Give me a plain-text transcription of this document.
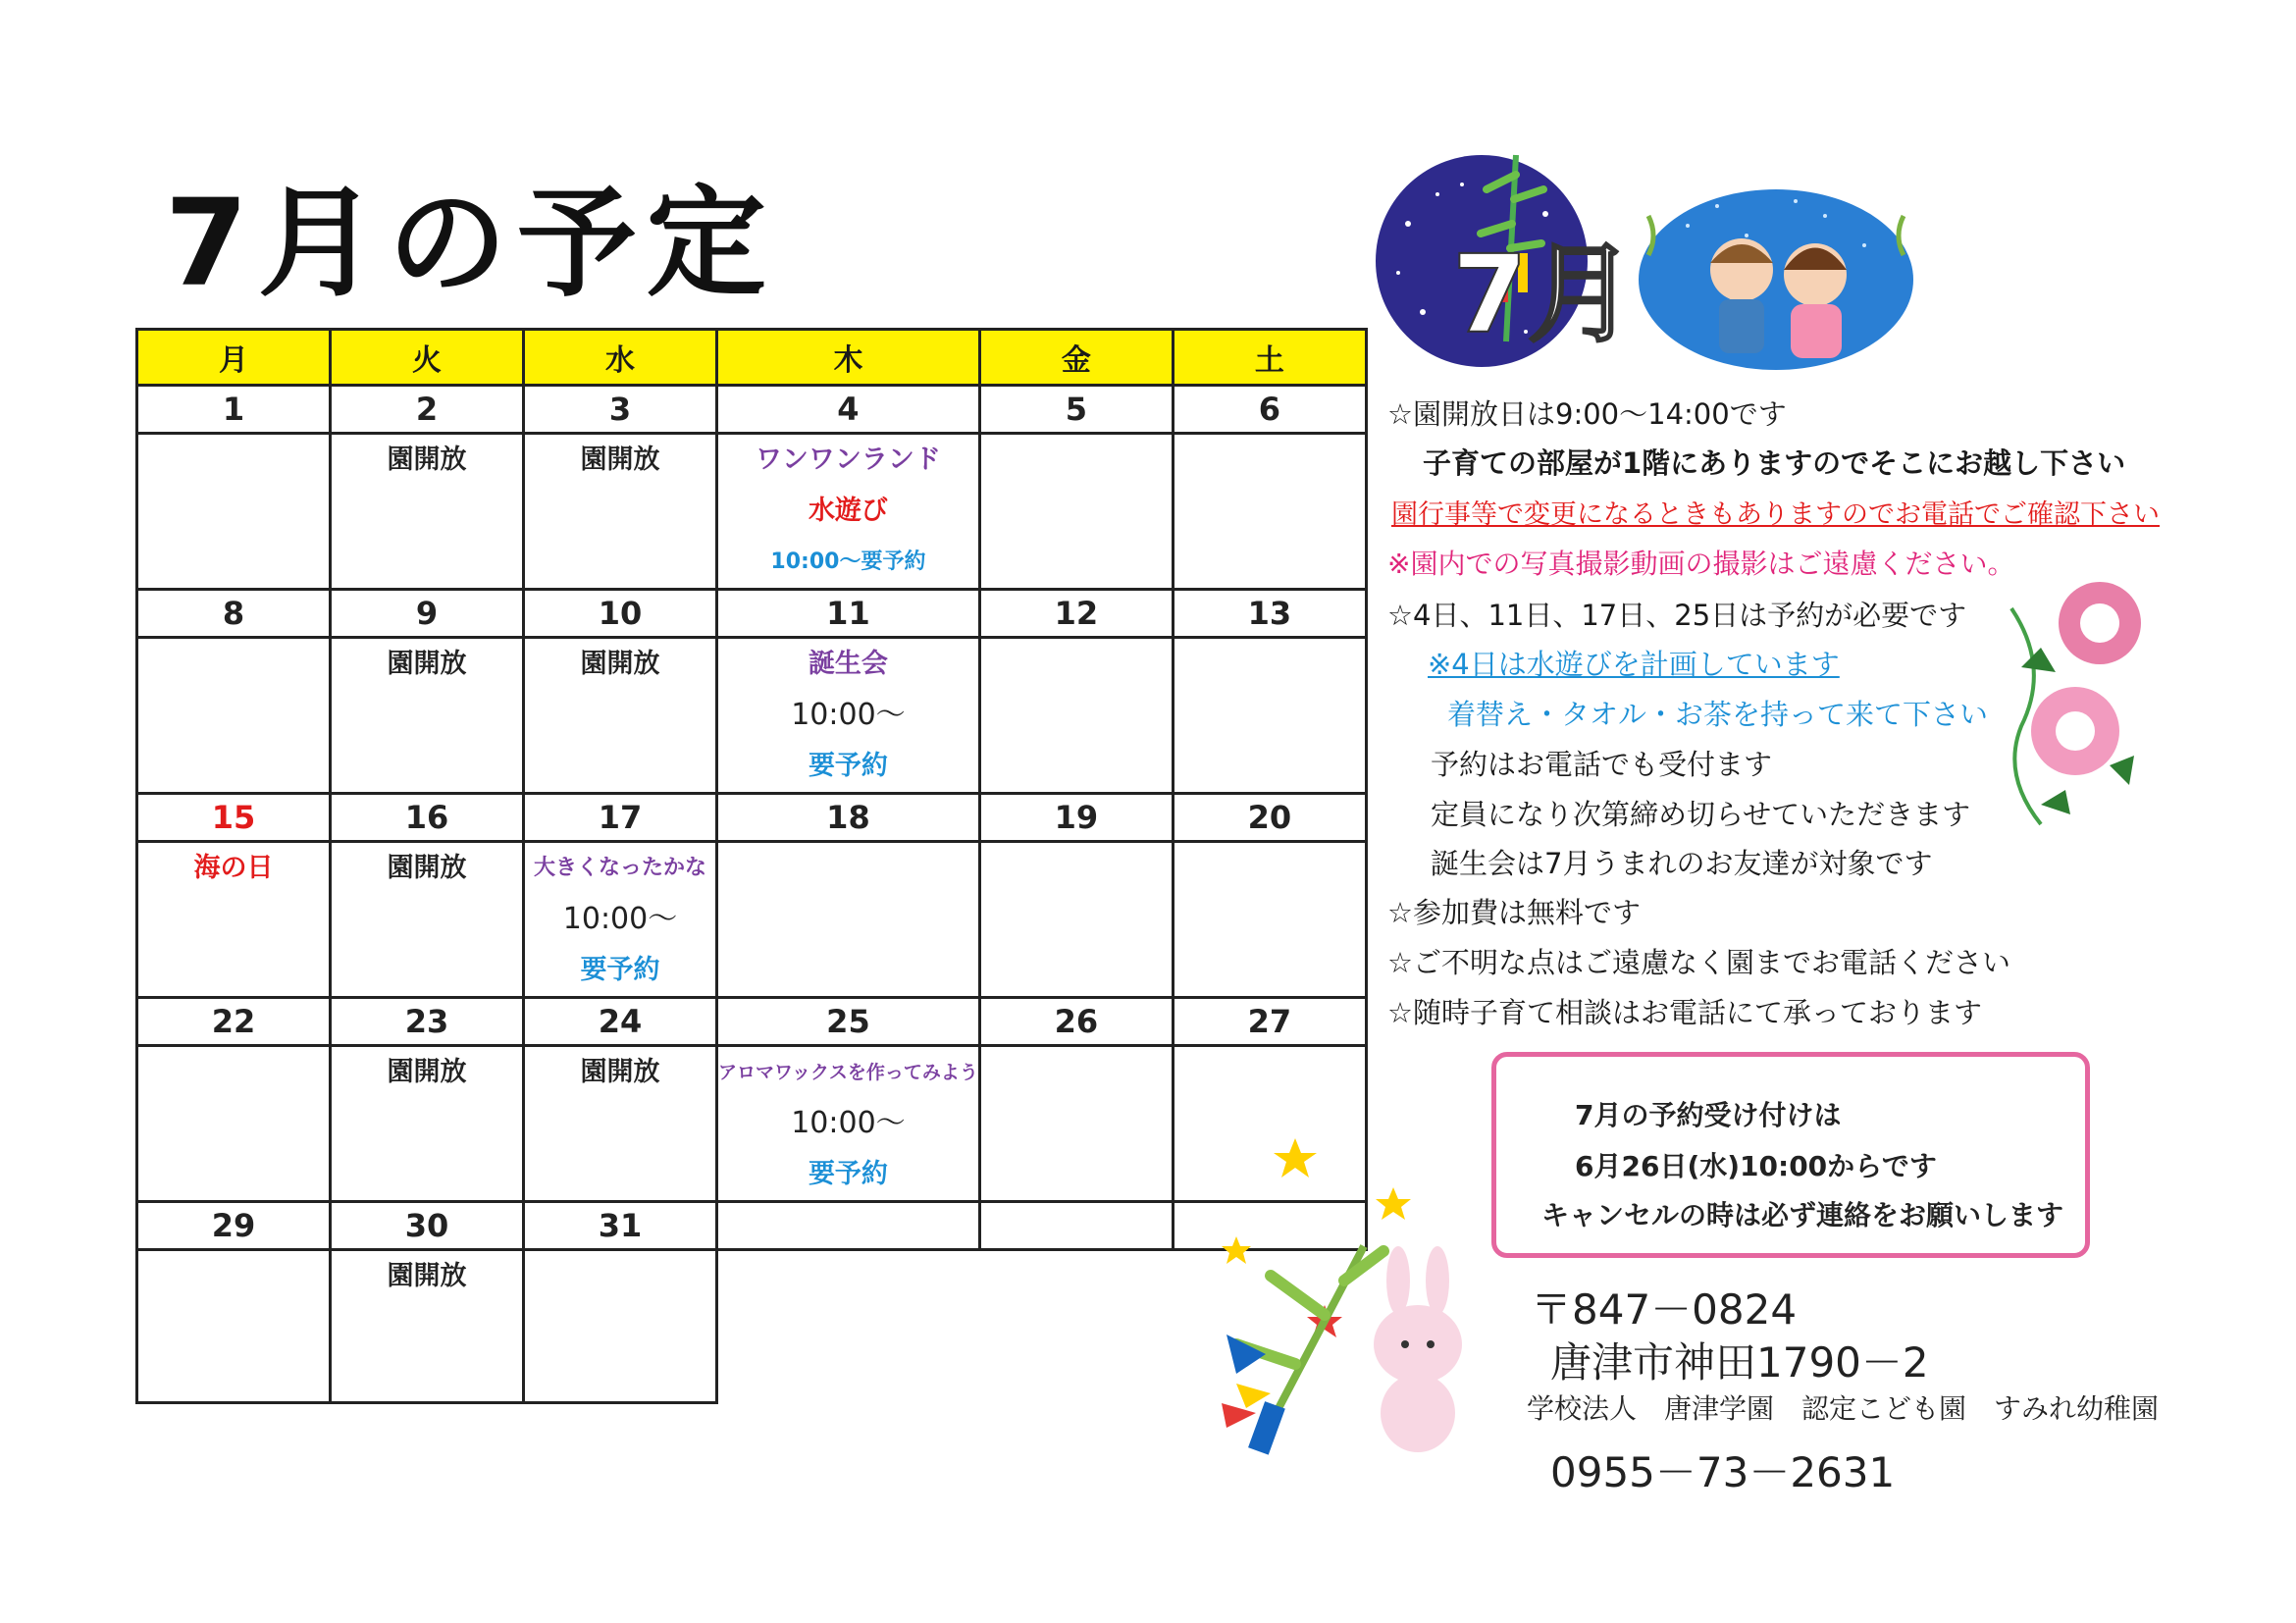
7月の予定
月	火	水	木	金	土
1	2	3	4	5	6

	園開放	園開放	ワンワンランド
水遊び
10:00～要予約		

8	9	10	11	12	13

	園開放	園開放	誕生会
10:00～
要予約		

15	16	17	18	19	20

海の日	園開放	大きくなったかな
10:00～
要予約			

22	23	24	25	26	27

	園開放	園開放	アロマワックスを作ってみよう
10:00～
要予約		

29	30	31			

	園開放				

7月
☆園開放日は9:00～14:00です
子育ての部屋が1階にありますのでそこにお越し下さい
園行事等で変更になるときもありますのでお電話でご確認下さい
※園内での写真撮影動画の撮影はご遠慮ください。
☆4日、11日、17日、25日は予約が必要です
※4日は水遊びを計画しています
着替え・タオル・お茶を持って来て下さい
予約はお電話でも受付ます
定員になり次第締め切らせていただきます
誕生会は7月うまれのお友達が対象です
☆参加費は無料です
☆ご不明な点はご遠慮なく園までお電話ください
☆随時子育て相談はお電話にて承っております
7月の予約受け付けは
6月26日(水)10:00からです
キャンセルの時は必ず連絡をお願いします
〒847－0824
唐津市神田1790－2
学校法人　唐津学園　認定こども園　すみれ幼稚園
0955－73－2631
